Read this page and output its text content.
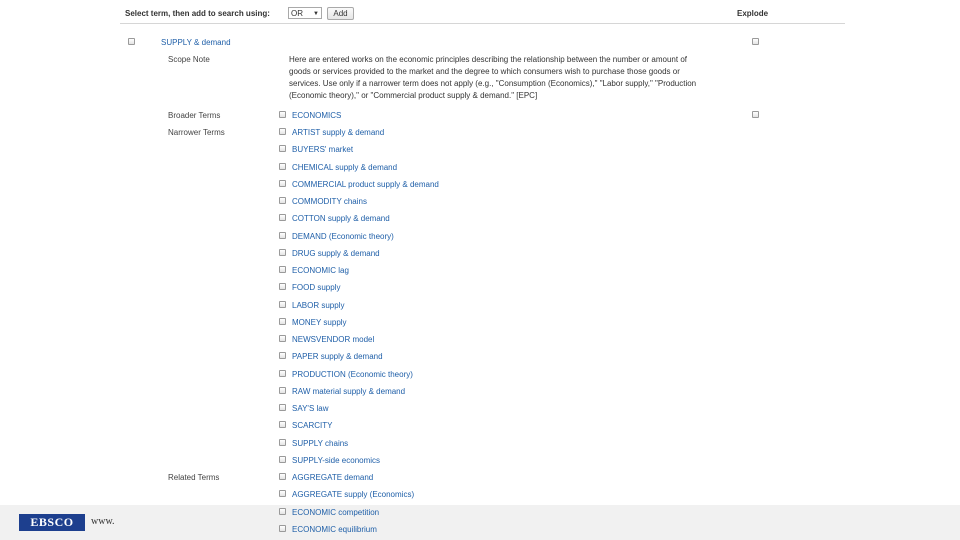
Select term, then add to search using:	OR ▼	Add	Explode
SUPPLY & demand
Scope Note	Here are entered works on the economic principles describing the relationship between the number or amount of goods or services provided to the market and the degree to which consumers wish to purchase those goods or services. Use only if a narrower term does not apply (e.g., "Consumption (Economics)," "Labor supply," "Production (Economic theory)," or "Commercial product supply & demand." [EPC]
Broader Terms	ECONOMICS
Narrower Terms	ARTIST supply & demand
BUYERS' market
CHEMICAL supply & demand
COMMERCIAL product supply & demand
COMMODITY chains
COTTON supply & demand
DEMAND (Economic theory)
DRUG supply & demand
ECONOMIC lag
FOOD supply
LABOR supply
MONEY supply
NEWSVENDOR model
PAPER supply & demand
PRODUCTION (Economic theory)
RAW material supply & demand
SAY'S law
SCARCITY
SUPPLY chains
SUPPLY-side economics
Related Terms	AGGREGATE demand
AGGREGATE supply (Economics)
ECONOMIC competition
ECONOMIC equilibrium
EBSCO	www.
